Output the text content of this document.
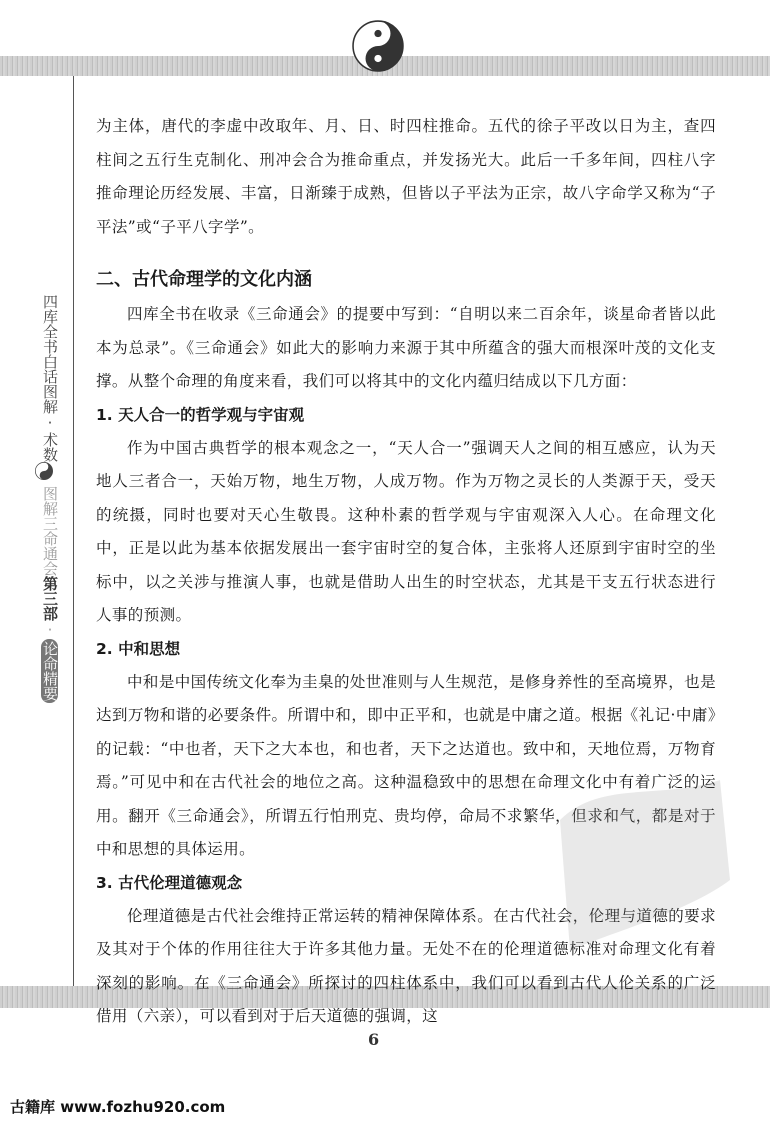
四库全书白话图解·术数
图解三命通会第三部·论命精要

为主体，唐代的李虚中改取年、月、日、时四柱推命。五代的徐子平改以日为主，查四柱间之五行生克制化、刑冲会合为推命重点，并发扬光大。此后一千多年间，四柱八字推命理论历经发展、丰富，日渐臻于成熟，但皆以子平法为正宗，故八字命学又称为“子平法”或“子平八字学”。

二、古代命理学的文化内涵

四库全书在收录《三命通会》的提要中写到：“自明以来二百余年，谈星命者皆以此本为总录”。《三命通会》如此大的影响力来源于其中所蕴含的强大而根深叶茂的文化支撑。从整个命理的角度来看，我们可以将其中的文化内蕴归结成以下几方面：

1. 天人合一的哲学观与宇宙观

作为中国古典哲学的根本观念之一，“天人合一”强调天人之间的相互感应，认为天地人三者合一，天始万物，地生万物，人成万物。作为万物之灵长的人类源于天，受天的统摄，同时也要对天心生敬畏。这种朴素的哲学观与宇宙观深入人心。在命理文化中，正是以此为基本依据发展出一套宇宙时空的复合体，主张将人还原到宇宙时空的坐标中，以之关涉与推演人事，也就是借助人出生的时空状态，尤其是干支五行状态进行人事的预测。

2. 中和思想

中和是中国传统文化奉为圭臬的处世准则与人生规范，是修身养性的至高境界，也是达到万物和谐的必要条件。所谓中和，即中正平和，也就是中庸之道。根据《礼记·中庸》的记载：“中也者，天下之大本也，和也者，天下之达道也。致中和，天地位焉，万物育焉。”可见中和在古代社会的地位之高。这种温稳致中的思想在命理文化中有着广泛的运用。翻开《三命通会》，所谓五行怕刑克、贵均停，命局不求繁华，但求和气，都是对于中和思想的具体运用。

3. 古代伦理道德观念

伦理道德是古代社会维持正常运转的精神保障体系。在古代社会，伦理与道德的要求及其对于个体的作用往往大于许多其他力量。无处不在的伦理道德标准对命理文化有着深刻的影响。在《三命通会》所探讨的四柱体系中，我们可以看到古代人伦关系的广泛借用（六亲），可以看到对于后天道德的强调，这

PDG
6
古籍库 www.fozhu920.com
